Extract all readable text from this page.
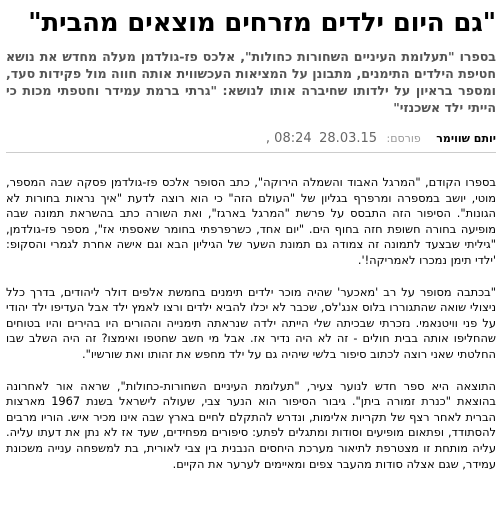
"גם היום ילדים מזרחים מוצאים מהבית"

בספרו "תעלומת העיניים השחורות כחולות", אלכס פז-גולדמן מעלה מחדש את נושא חטיפת הילדים התימנים, מתבונן על המציאות העכשווית אותה חווה מול פקידות סעד, ומספר בראיון על ילדותו שחיברה אותו לנושא: "גרתי ברמת עמידר וחטפתי מכות כי הייתי ילד אשכנזי"

יותם שווימר פורסם: 28.03.15 08:24 ,

בספרו הקודם, "המרגל האבוד והשמלה הירוקה", כתב הסופר אלכס פז-גולדמן פסקה שבה המספר, מוטי, יושב במספרה ומרפרף בגליון של "העולם הזה" כי הוא רוצה לדעת "איך נראות בחורות לא הגונות". הסיפור הזה התבסס על פרשת "המרגל בארגז", ואת השורה כתב בהשראת תמונה שבה מופיעה בחורה חשופת חזה בחוף הים. "יום אחד, כשרפרפתי בחומר שאספתי אז", מספר פז-גולדמן, "גיליתי שבצעד לתמונה זה צמודה גם תמונת השער של הגיליון הבא וגם אישה אחרת לגמרי והסקופ: 'ילדי תימן נמכרו לאמריקה!'.

"בכתבה מסופר על רב 'מאכער' שהיה מוכר ילדים תימנים בחמשת אלפים דולר ליהודים, בדרך כלל ניצולי שואה שהתגוררו בלוס אנג'לס, שכבר לא יכלו להביא ילדים ורצו לאמץ ילד אבל העדיפו ילד יהודי על פני וויטנאמי. נזכרתי שבכיתה שלי הייתה ילדה שנראתה תימנייה וההורים היו בהירים והיו בטוחים שהחליפו אותה בבית חולים - זה לא היה נדיר אז. אבל מי חשב שחטפו ואימצו? זה היה השלב שבו החלטתי שאני רוצה לכתוב סיפור בלשי שיהיה גם על ילד מחפש את זהותו ואת שורשיו".

התוצאה היא ספר חדש לנוער צעיר, "תעלומת העיניים השחורות-כחולות", שראה אור לאחרונה בהוצאת "כנרת זמורה ביתן". גיבור הסיפור הוא הנער צבי, שעולה לישראל בשנת 1967 מארצות הברית לאחר רצף של תקריות אלימות, ונדרש להתקלם לחיים בארץ שבה אינו מכיר איש. הוריו מרבים להסתודד, ופתאום מופיעים וסודות ומתגלים לפתע: סיפורים מפחידים, שעד אז לא נתן את דעתו עליה. עליה מותחת זו מצטרפת לתיאור מערכת היחסים הנבנית בין צבי לאורית, בת למשפחה ענייה משכונת עמידר, שגם אצלה סודות מהעבר צפים ומאיימים לערער את הקיים.
